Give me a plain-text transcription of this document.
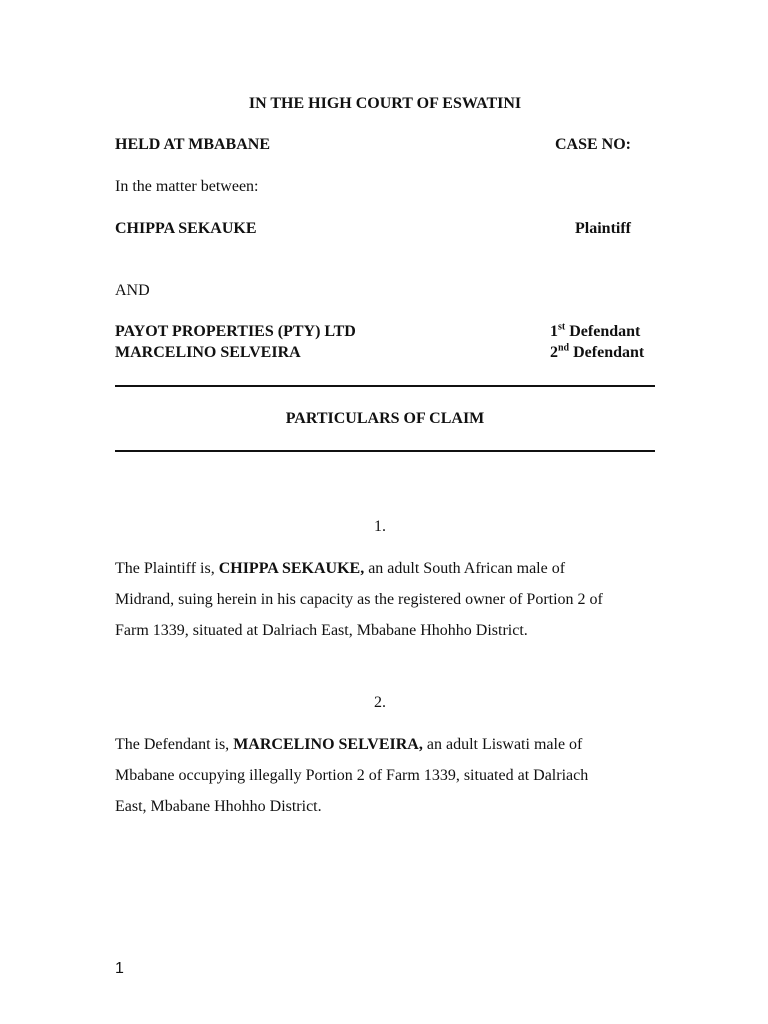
IN THE HIGH COURT OF ESWATINI
HELD AT MBABANE	CASE NO:
In the matter between:
CHIPPA SEKAUKE	Plaintiff
AND
PAYOT PROPERTIES (PTY) LTD	1st Defendant
MARCELINO SELVEIRA	2nd Defendant
PARTICULARS OF CLAIM
1.
The Plaintiff is, CHIPPA SEKAUKE, an adult South African male of
Midrand, suing herein in his capacity as the registered owner of Portion 2 of
Farm 1339, situated at Dalriach East, Mbabane Hhohho District.
2.
The Defendant is, MARCELINO SELVEIRA, an adult Liswati male of
Mbabane occupying illegally Portion 2 of Farm 1339, situated at Dalriach
East, Mbabane Hhohho District.
1
